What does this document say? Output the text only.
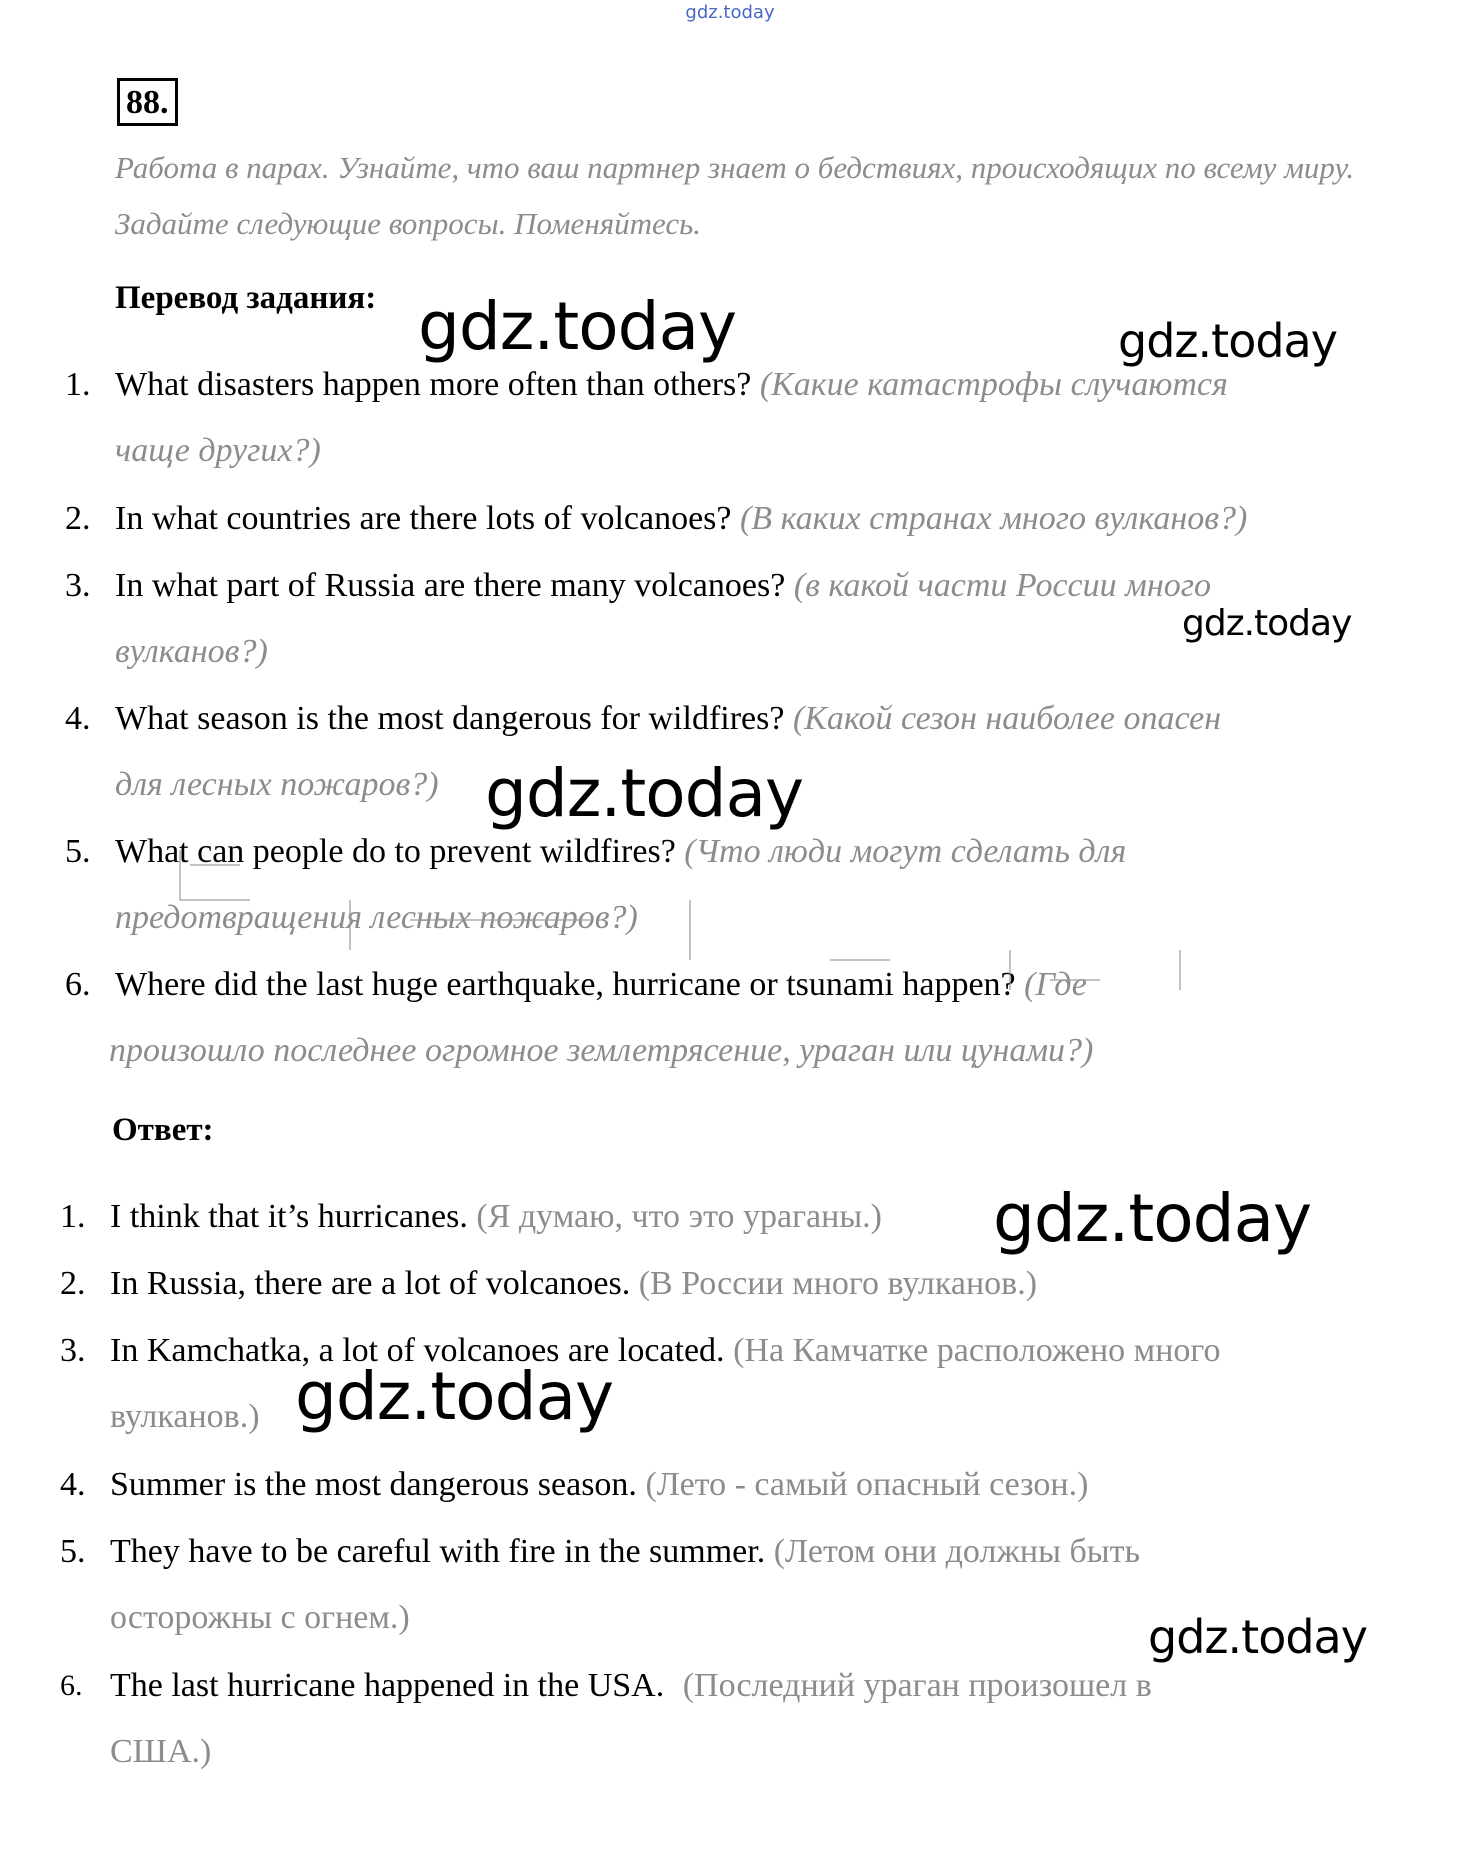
gdz.today
88.
Работа в парах. Узнайте, что ваш партнер знает о бедствиях, происходящих по всему миру. Задайте следующие вопросы. Поменяйтесь.
Перевод задания:
1. What disasters happen more often than others? (Какие катастрофы случаются
чаще других?)
2. In what countries are there lots of volcanoes? (В каких странах много вулканов?)
3. In what part of Russia are there many volcanoes? (в какой части России много
вулканов?)
4. What season is the most dangerous for wildfires? (Какой сезон наиболее опасен
для лесных пожаров?)
5. What can people do to prevent wildfires? (Что люди могут сделать для
предотвращения лесных пожаров?)
6. Where did the last huge earthquake, hurricane or tsunami happen? (Где
произошло последнее огромное землетрясение, ураган или цунами?)
Ответ:
1. I think that it’s hurricanes. (Я думаю, что это ураганы.)
2. In Russia, there are a lot of volcanoes. (В России много вулканов.)
3. In Kamchatka, a lot of volcanoes are located. (На Камчатке расположено много
вулканов.)
4. Summer is the most dangerous season. (Лето - самый опасный сезон.)
5. They have to be careful with fire in the summer. (Летом они должны быть
осторожны с огнем.)
6. The last hurricane happened in the USA. (Последний ураган произошел в
США.)
gdz.today	gdz.today
gdz.today
gdz.today
gdz.today
gdz.today
gdz.today
